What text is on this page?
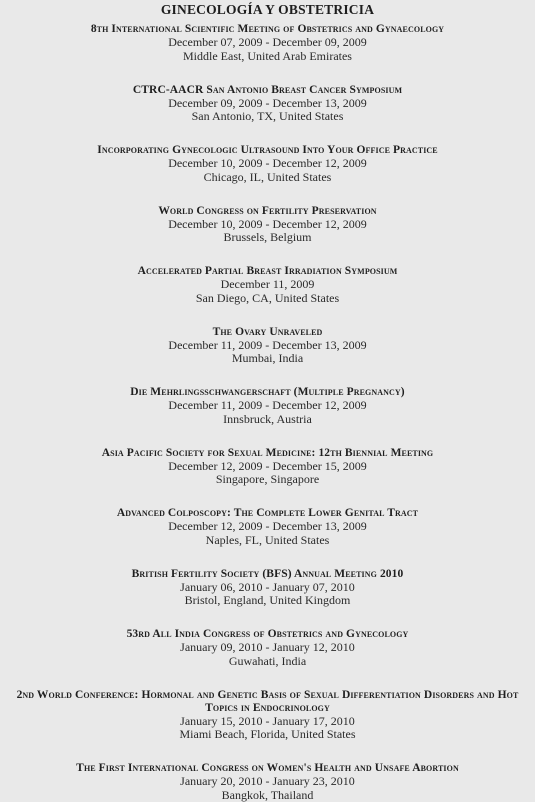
GINECOLOGÍA Y OBSTETRICIA
8th International Scientific Meeting of Obstetrics and Gynaecology
December 07, 2009 - December 09, 2009
Middle East, United Arab Emirates
CTRC-AACR San Antonio Breast Cancer Symposium
December 09, 2009 - December 13, 2009
San Antonio, TX, United States
Incorporating Gynecologic Ultrasound Into Your Office Practice
December 10, 2009 - December 12, 2009
Chicago, IL, United States
World Congress on Fertility Preservation
December 10, 2009 - December 12, 2009
Brussels, Belgium
Accelerated Partial Breast Irradiation Symposium
December 11, 2009
San Diego, CA, United States
The Ovary Unraveled
December 11, 2009 - December 13, 2009
Mumbai, India
Die Mehrlingsschwangerschaft (Multiple Pregnancy)
December 11, 2009 - December 12, 2009
Innsbruck, Austria
Asia Pacific Society for Sexual Medicine: 12th Biennial Meeting
December 12, 2009 - December 15, 2009
Singapore, Singapore
Advanced Colposcopy: The Complete Lower Genital Tract
December 12, 2009 - December 13, 2009
Naples, FL, United States
British Fertility Society (BFS) Annual Meeting 2010
January 06, 2010 - January 07, 2010
Bristol, England, United Kingdom
53rd All India Congress of Obstetrics and Gynecology
January 09, 2010 - January 12, 2010
Guwahati, India
2nd World Conference: Hormonal and Genetic Basis of Sexual Differentiation Disorders and Hot Topics in Endocrinology
January 15, 2010 - January 17, 2010
Miami Beach, Florida, United States
The First International Congress on Women's Health and Unsafe Abortion
January 20, 2010 - January 23, 2010
Bangkok, Thailand
